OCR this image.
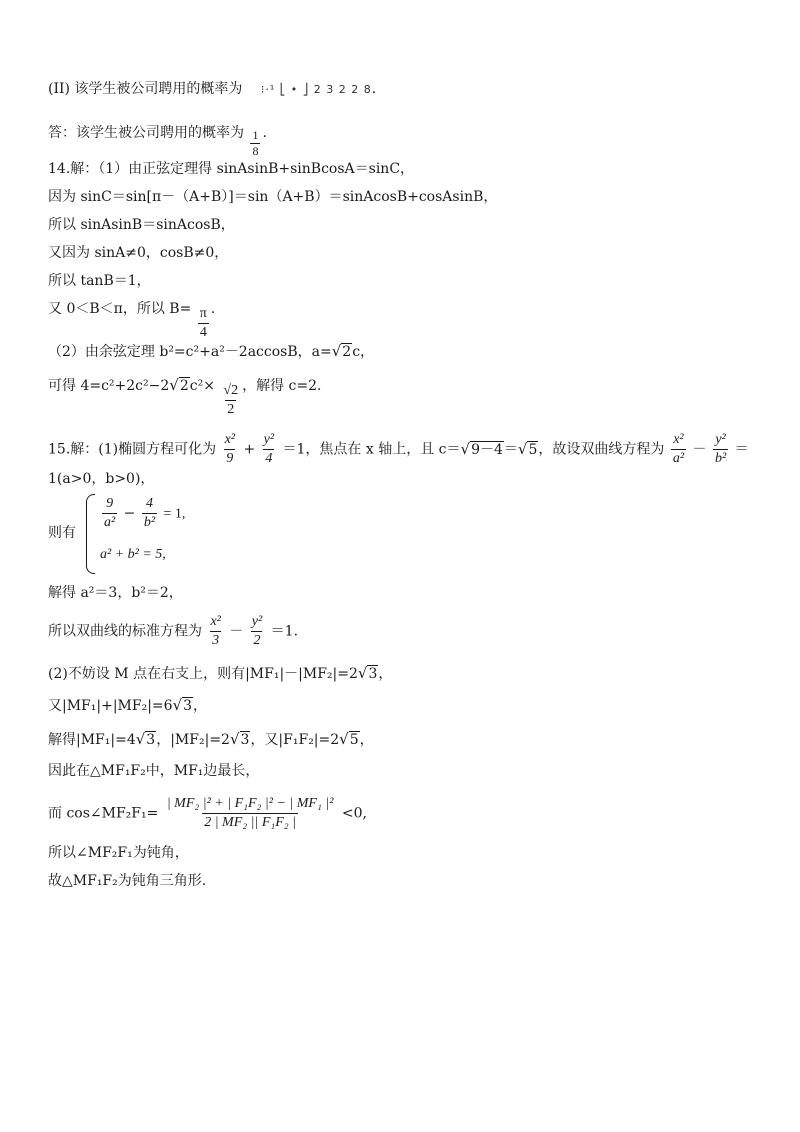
(II) 该学生被公司聘用的概率为 ⁝·¹ ⎣ • ⎦ 2 3 2 2 8.
答：该学生被公司聘用的概率为 $\frac{1}{8}$ .
14.解：（1）由正弦定理得 sinAsinB+sinBcosA＝sinC，
因为 sinC＝sin[π－（A+B）]＝sin（A+B）＝sinAcosB+cosAsinB，
所以 sinAsinB＝sinAcosB，
又因为 sinA≠0，cosB≠0，
所以 tanB＝1，
又 0＜B＜π，所以 $B= \frac{\pi}{4}$ .
（2）由余弦定理 b²=c²+a²－2accosB，a=√2c，
可得 $4=c^2+2c^2-2√2c^2\times \frac{√2}{2}$ ，解得 c=2.
15.解：(1)椭圆方程可化为 $\frac{\text{x²}}{9} + \frac{\text{y²}}{4} =1$，焦点在 x 轴上，且 c＝√9－4＝√5，故设双曲线方程为 $\frac{\text{x²}}{\text{a²}} - \frac{\text{y²}}{\text{b²}}$ ＝
1(a>0，b>0)，
则有
$\frac{9}{\text{a²}} - \frac{4}{\text{b²}} = 1$,
a² + b² = 5,
解得 a²＝3，b²＝2，
所以双曲线的标准方程为 $\frac{\text{x²}}{3} - \frac{\text{y²}}{2} =1$.
(2)不妨设 M 点在右支上，则有|MF₁|－|MF₂|=2√3，
又|MF₁|+|MF₂|=6√3，
解得|MF₁|=4√3，|MF₂|=2√3，又|F₁F₂|=2√5，
因此在△MF₁F₂中，MF₁边最长，
而 cos∠MF₂F₁= $\frac{\text{| MF₂ |² + | F₁F₂ |² − | MF₁ |²}}{\text{2 | MF₂ || F₁F₂ |}} <0$,
所以∠MF₂F₁为钝角，
故△MF₁F₂为钝角三角形.
